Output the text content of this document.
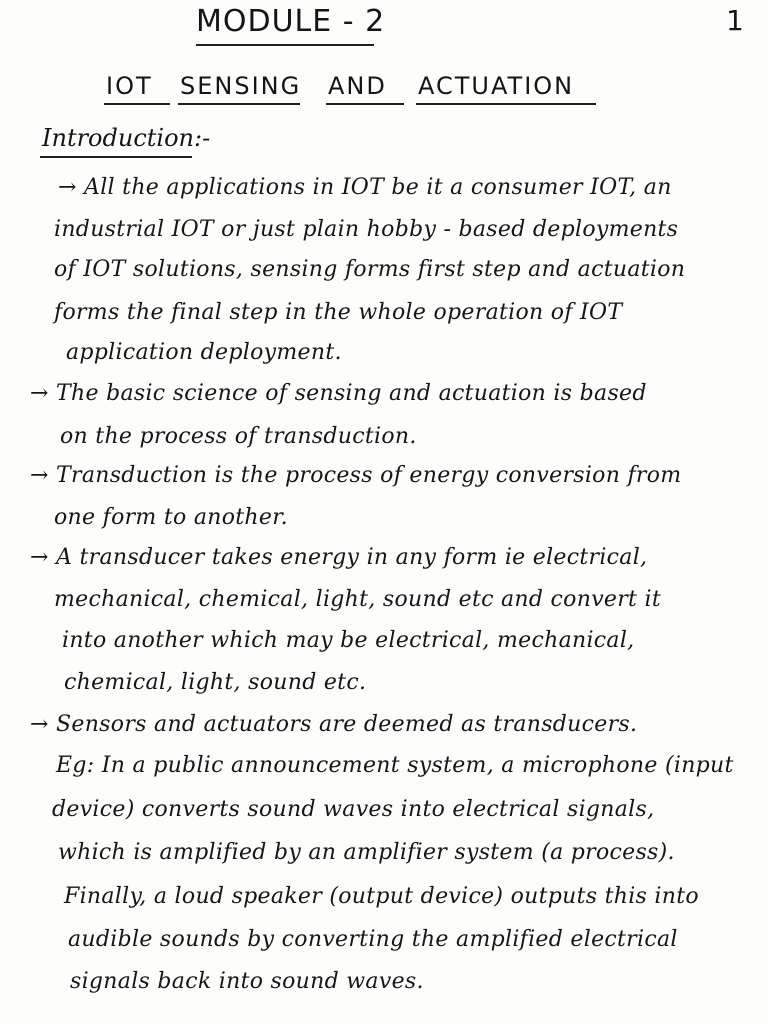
MODULE - 2	1
IOT SENSING AND ACTUATION
Introduction:-
→ All the applications in IOT be it a consumer IOT, an
industrial IOT or just plain hobby - based deployments
of IOT solutions, sensing forms first step and actuation
forms the final step in the whole operation of IOT
application deployment.
→ The basic science of sensing and actuation is based
on the process of transduction.
→ Transduction is the process of energy conversion from
one form to another.
→ A transducer takes energy in any form ie electrical,
mechanical, chemical, light, sound etc and convert it
into another which may be electrical, mechanical,
chemical, light, sound etc.
→ Sensors and actuators are deemed as transducers.
Eg: In a public announcement system, a microphone (input
device) converts sound waves into electrical signals,
which is amplified by an amplifier system (a process).
Finally, a loud speaker (output device) outputs this into
audible sounds by converting the amplified electrical
signals back into sound waves.
